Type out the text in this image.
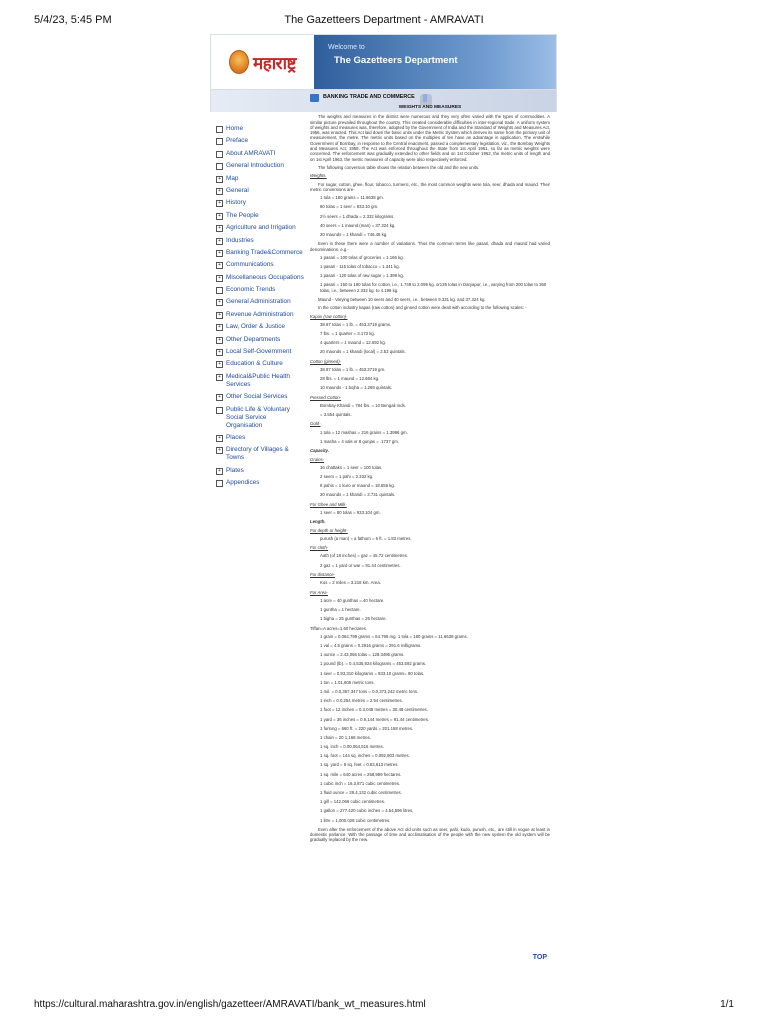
5/4/23, 5:45 PM	The Gazetteers Department - AMRAVATI
महाराष्ट्र
Welcome to
The Gazetteers Department
Home
Preface
About AMRAVATI
General Introduction
+ Map
+ General
+ History
+ The People
+ Agriculture and Irrigation
+ Industries
+ Banking Trade&Commerce
+ Communications
+ Miscellaneous Occupations
Economic Trends
+ General Administration
+ Revenue Administration
+ Law, Order & Justice
+ Other Departments
+ Local Self-Government
+ Education & Culture
+ Medical&Public Health Services
+ Other Social Services
Public Life & Voluntary Social Service Organisation
+ Places
+ Directory of Villages & Towns
+ Plates
Appendices
BANKING TRADE AND COMMERCE
WEIGHTS AND MEASURES

The weights and measures in the district were numerous and they very often varied with the types of commodities. A similar picture prevailed throughout the country. This created considerable difficulties in inter-regional trade. A uniform system of weights and measures was, therefore, adopted by the Government of India and the Standard of Weights and Measures Act, 1956, was enacted. This Act laid down the basic units under the Metric System which derives its name from the primary unit of measurement, the metre. The metric units based on the multiples of ten have an advantage in application. The erstwhile Government of Bombay, in response to the Central enactment, passed a complementary legislation, viz., the Bombay Weights and Measures Act, 1958. The Act was enforced throughout the State from 1st April 1961, so far as metric weights were concerned. The enforcement was gradually extended to other fields and on 1st October 1962, the metric units of length and on 1st April 1963, the metric measures of capacity were also respectively enforced.

The following conversion table shows the relation between the old and the new units.

Weights.

For sugar, cotton, ghee, flour, tobacco, turmeric, etc., the most common weights were tola, seer, dhada and maund. Their metric conversions are-

1 tola = 180 grains = 11.6638 gm.
80 tolas = 1 seer = 933.10 gm.
2½ seers = 1 dhada = 2.332 kilograms.
40 seers = 1 maund (man) = 37.324 kg.
20 maunds = 1 khandi = 746.48 kg.

Even in these there were a number of variations. Thus the common terms like pasari, dhada and maund had varied denominations, e.g.-

1 pasari = 100 tolas of groceries = 1.166 kg.
1 pasari - 115 tolas of tobacco = 1.341 kg.
1 pasari - 120 tolas of raw sugar = 1.399 kg.
1 pasari = 150 to 180 tolas for cotton, i.e., 1.749 to 2.099 kg. or135 tolas in Daryapur, i.e., varying from 200 tolas to 360 tolas, i.e., between 2.332 kg. to 4.198 kg.

Maund - Varying between 10 seers and 40 seers, i.e., between 9.331 kg. and 37.324 kg.

In the cotton industry kapas (raw cotton) and ginned cotton were dealt with according to the following scales: -

Kapas (raw cotton)-

38.87 tolas = 1 lb. = 453.3719 grams.
7 lbs. = 1 quarter = 3.173 kg.
4 quarters = 1 maund = 12.692 kg.
20 maunds = 1 khandi (local) = 2.53 quintals.

Cotton (ginned)-

38.87 tolas = 1 lb. = 453.3719 gm.
28 lbs. = 1 maund = 12.684 kg.
10 maunds - 1 bojha = 1.269 quintals.

Pressed Cotton-

Bombay Khandi = 784 lbs. = 10 Bengali mds.
= 3.554 quintals.

Gold-

1 tola = 12 mashas = 216 grains = 1.3996 gm.
1 masha = 4 vals or 8 gunjas = .1737 gm.

Capacity.

Grains-

16 chattaks = 1 seer = 100 tolas.
2 seers = 1 pahi = 2.332 kg.
8 pahis = 1 kuro or maund = 18.656 kg.
20 maunds = 1 khandi = 3.731 quintals.

For Ghee and Milk-

1 seer = 80 tolas = 933.104 gm.

Length.

For depth or height-

purush (a man) = a fathom = 6 ft. = 1.83 metres.

For cloth-

Aath (of 18 inches) = gaz = 45.72 centimetres.
2 gaz = 1 yard or war = 91.44 centimetres.

For distance-

Kos = 2 miles = 3.218 km. Area.

For Area-

1 acre = 40 gunthas =.40 hectare.
1 guntha =.1 hectare.
1 bigha = 25 gunthas = 25 hectare.

Tiffan=A acres=1.60 hectares.

1 grain = 0.064,799 grams = 64.799 mg. 1 tola = 180 grains = 11.6638 grams.
1 val = 4.5 grains = 0.2916 grams = 291.6 milligrams.
1 ounce = 2.43,056 tolas = 128.3495 grams.
1 pound (lb). = 0.4,535,924 kilograms = 453.592 grams.
1 seer = 0.93,310 kilograms = 933.10 grams= 80 tolas.
1 ton = 1.01,605 metric tons.
1 mil. = 0.0,367,347 tons = 0.0,373,242 metric tons.
1 inch = 0.0,254 metres = 2.54 centimetres.
1 foot = 12 inches = 0.3,048 metres = 30.48 centimetres.
1 yard = 36 inches = 0.9,144 metres = 91.44 centimetres.
1 furlong = 660 ft. = 220 yards = 201.168 metres.
1 chain = 20 1,168 metres.
1 sq. inch = 0.00,064,516 metres.
1 sq. foot = 144 sq. inches = 0.092,903 metres.
1 sq. yard = 9 sq. feet = 0.83,613 metres.
1 sq. mile = 640 acres = 258,999 hectares.
1 cubic inch = 16.3,871 cubic centimetres.
1 fluid ounce = 28.4,132 cubic centimetres.
1 gill = 142.066 cubic centimetres.
1 gallon = 277.420 cubic inches = 4.54,596 litres,
1 litre = 1,000.028 cubic centimetres.

Even after the enforcement of the above Act old units such as seer, pahi, kudo, purush, etc., are still in vogue at least in domestic parlance. With the passage of time and acclimatisation of the people with the new system the old system will be gradually replaced by the new.

TOP
https://cultural.maharashtra.gov.in/english/gazetteer/AMRAVATI/bank_wt_measures.html	1/1
